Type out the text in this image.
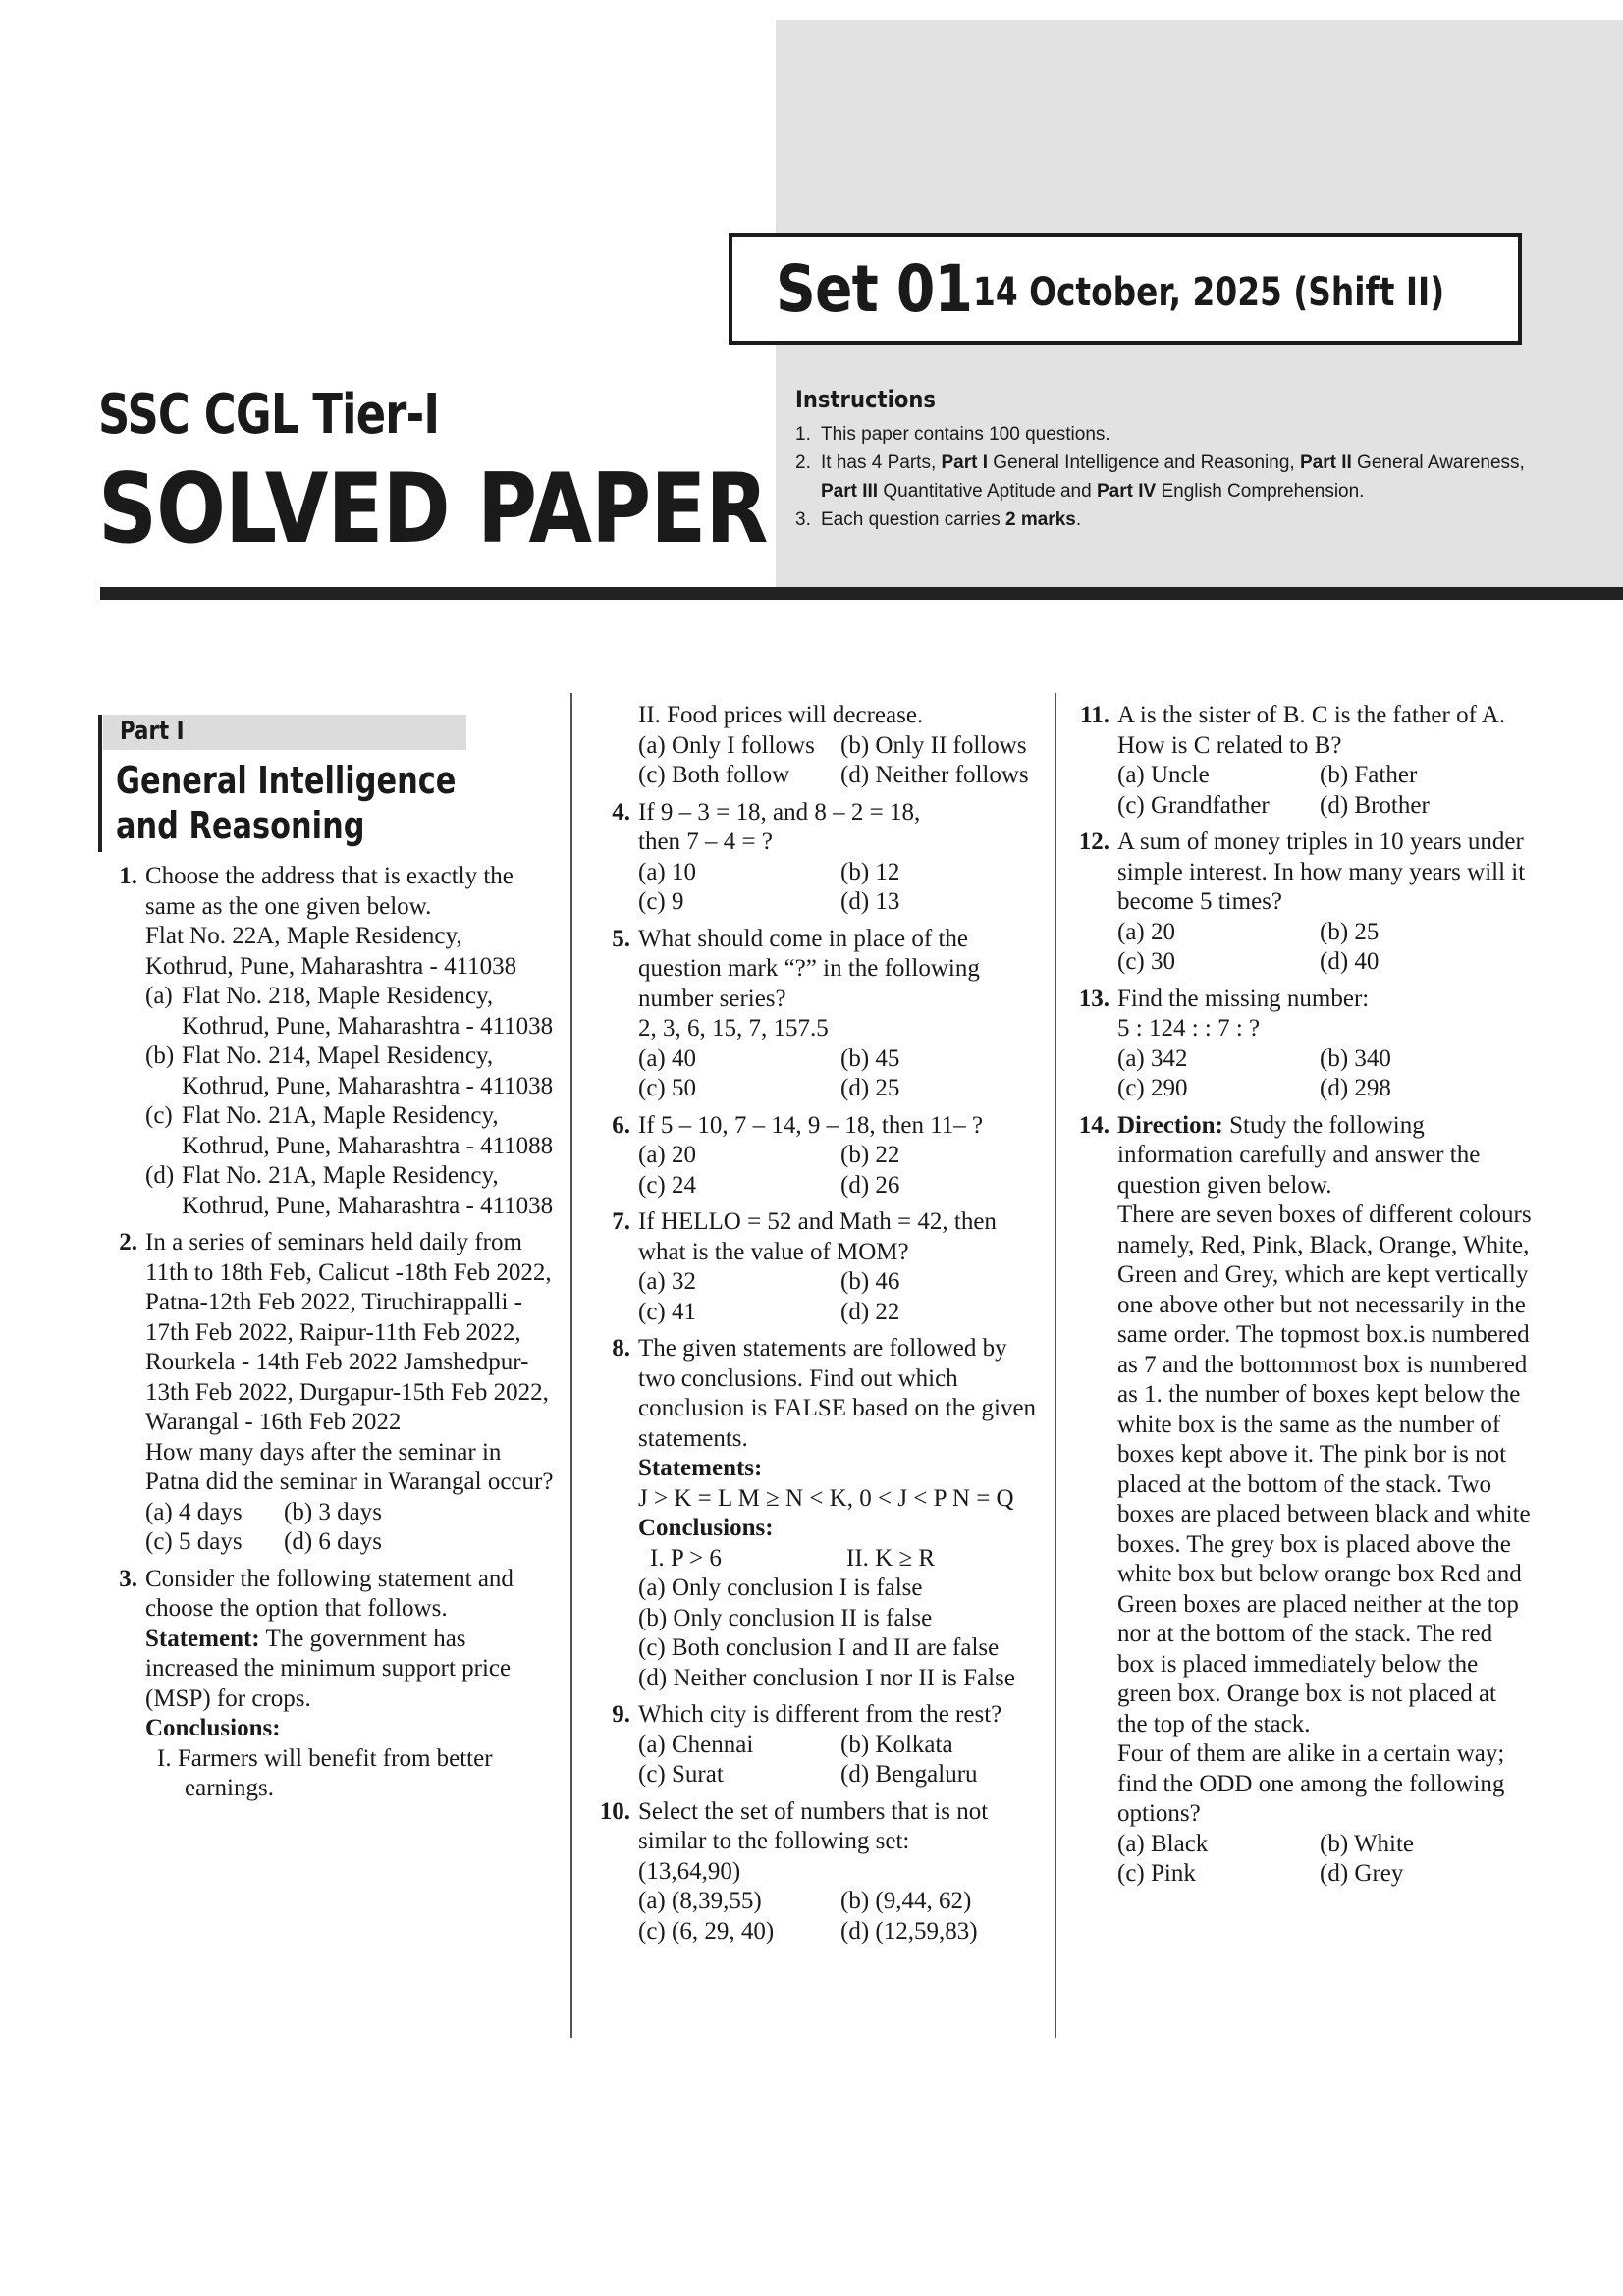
Set 01 14 October, 2025 (Shift II)
SSC CGL Tier-I
SOLVED PAPER
Instructions
1. This paper contains 100 questions.
2. It has 4 Parts, Part I General Intelligence and Reasoning, Part II General Awareness, Part III Quantitative Aptitude and Part IV English Comprehension.
3. Each question carries 2 marks.
Part I
General Intelligence and Reasoning
1. Choose the address that is exactly the same as the one given below.
Flat No. 22A, Maple Residency, Kothrud, Pune, Maharashtra - 411038
(a) Flat No. 218, Maple Residency, Kothrud, Pune, Maharashtra - 411038
(b) Flat No. 214, Mapel Residency, Kothrud, Pune, Maharashtra - 411038
(c) Flat No. 21A, Maple Residency, Kothrud, Pune, Maharashtra - 411088
(d) Flat No. 21A, Maple Residency, Kothrud, Pune, Maharashtra - 411038
2. In a series of seminars held daily from 11th to 18th Feb, Calicut -18th Feb 2022, Patna-12th Feb 2022, Tiruchirappalli - 17th Feb 2022, Raipur-11th Feb 2022, Rourkela - 14th Feb 2022 Jamshedpur-13th Feb 2022, Durgapur-15th Feb 2022, Warangal - 16th Feb 2022
How many days after the seminar in Patna did the seminar in Warangal occur?
(a) 4 days	(b) 3 days
(c) 5 days	(d) 6 days
3. Consider the following statement and choose the option that follows.
Statement: The government has increased the minimum support price (MSP) for crops.
Conclusions:
I. Farmers will benefit from better earnings.
II. Food prices will decrease.
(a) Only I follows	(b) Only II follows
(c) Both follow	(d) Neither follows
4. If 9 – 3 = 18, and 8 – 2 = 18,
then 7 – 4 = ?
(a) 10	(b) 12
(c) 9	(d) 13
5. What should come in place of the question mark “?” in the following number series?
2, 3, 6, 15, 7, 157.5
(a) 40	(b) 45
(c) 50	(d) 25
6. If 5 – 10, 7 – 14, 9 – 18, then 11– ?
(a) 20	(b) 22
(c) 24	(d) 26
7. If HELLO = 52 and Math = 42, then what is the value of MOM?
(a) 32	(b) 46
(c) 41	(d) 22
8. The given statements are followed by two conclusions. Find out which conclusion is FALSE based on the given statements.
Statements:
J > K = L M ≥ N < K, 0 < J < P N = Q
Conclusions:
I. P > 6	II. K ≥ R
(a) Only conclusion I is false
(b) Only conclusion II is false
(c) Both conclusion I and II are false
(d) Neither conclusion I nor II is False
9. Which city is different from the rest?
(a) Chennai	(b) Kolkata
(c) Surat	(d) Bengaluru
10. Select the set of numbers that is not similar to the following set:
(13,64,90)
(a) (8,39,55)	(b) (9,44, 62)
(c) (6, 29, 40)	(d) (12,59,83)
11. A is the sister of B. C is the father of A. How is C related to B?
(a) Uncle	(b) Father
(c) Grandfather	(d) Brother
12. A sum of money triples in 10 years under simple interest. In how many years will it become 5 times?
(a) 20	(b) 25
(c) 30	(d) 40
13. Find the missing number:
5 : 124 : : 7 : ?
(a) 342	(b) 340
(c) 290	(d) 298
14. Direction: Study the following information carefully and answer the question given below.
There are seven boxes of different colours namely, Red, Pink, Black, Orange, White, Green and Grey, which are kept vertically one above other but not necessarily in the same order. The topmost box.is numbered as 7 and the bottommost box is numbered as 1. the number of boxes kept below the white box is the same as the number of boxes kept above it. The pink bor is not placed at the bottom of the stack. Two boxes are placed between black and white boxes. The grey box is placed above the white box but below orange box Red and Green boxes are placed neither at the top nor at the bottom of the stack. The red box is placed immediately below the green box. Orange box is not placed at the top of the stack.
Four of them are alike in a certain way; find the ODD one among the following options?
(a) Black	(b) White
(c) Pink	(d) Grey
